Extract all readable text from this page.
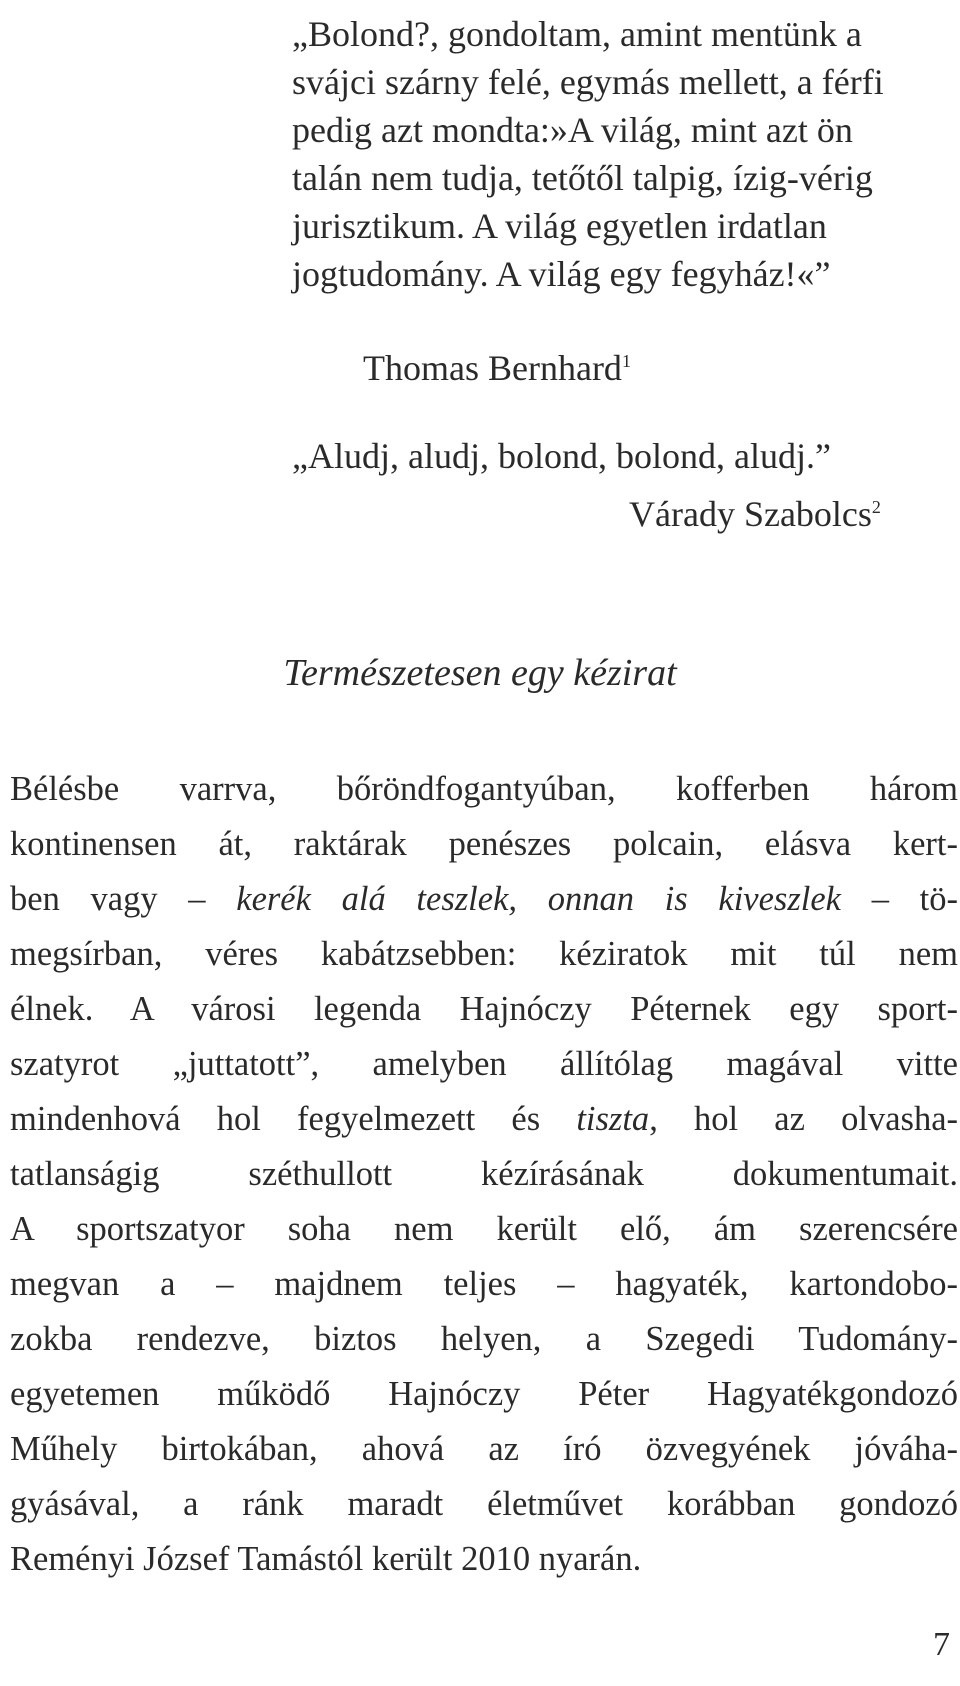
„Bolond?, gondoltam, amint mentünk a
svájci szárny felé, egymás mellett, a férfi
pedig azt mondta:»A világ, mint azt ön
talán nem tudja, tetőtől talpig, ízig-vérig
jurisztikum. A világ egyetlen irdatlan
jogtudomány. A világ egy fegyház!«”
Thomas Bernhard$^1$
„Aludj, aludj, bolond, bolond, aludj.”
Várady Szabolcs$^2$
Természetesen egy kézirat
Bélésbe varrva, bőröndfogantyúban, kofferben három
kontinensen át, raktárak penészes polcain, elásva kert-
ben vagy – kerék alá teszlek, onnan is kiveszlek – tö-
megsírban, véres kabátzsebben: kéziratok mit túl nem
élnek. A városi legenda Hajnóczy Péternek egy sport-
szatyrot „juttatott”, amelyben állítólag magával vitte
mindenhová hol fegyelmezett és tiszta, hol az olvasha-
tatlanságig széthullott kézírásának dokumentumait.
A sportszatyor soha nem került elő, ám szerencsére
megvan a – majdnem teljes – hagyaték, kartondobo-
zokba rendezve, biztos helyen, a Szegedi Tudomány-
egyetemen működő Hajnóczy Péter Hagyatékgondozó
Műhely birtokában, ahová az író özvegyének jóváha-
gyásával, a ránk maradt életművet korábban gondozó
Reményi József Tamástól került 2010 nyarán.
7
